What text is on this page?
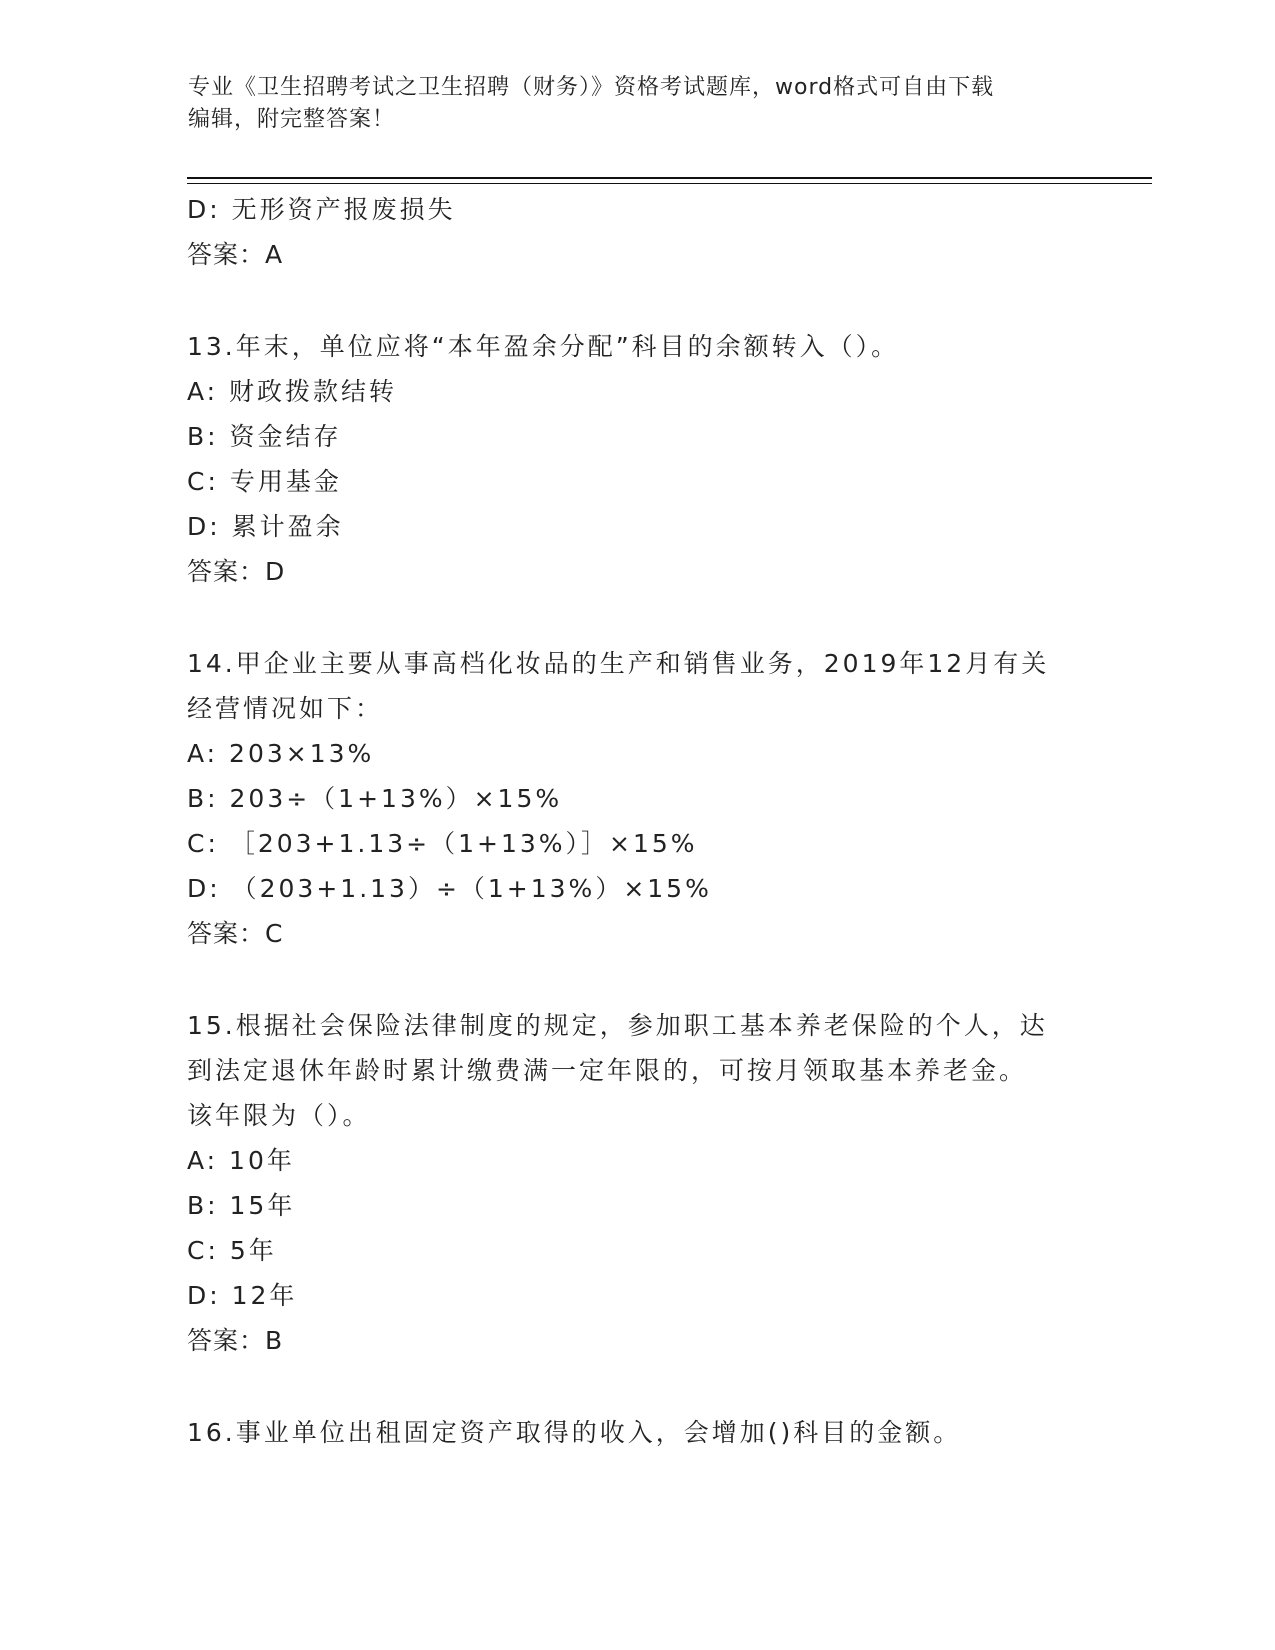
专业《卫生招聘考试之卫生招聘（财务）》资格考试题库，word格式可自由下载
编辑，附完整答案！
D: 无形资产报废损失
答案：A
13.年末，单位应将“本年盈余分配”科目的余额转入（）。
A: 财政拨款结转
B: 资金结存
C: 专用基金
D: 累计盈余
答案：D
14.甲企业主要从事高档化妆品的生产和销售业务，2019年12月有关
经营情况如下：
A: 203×13%
B: 203÷（1+13%）×15%
C: ［203+1.13÷（1+13%）］×15%
D: （203+1.13）÷（1+13%）×15%
答案：C
15.根据社会保险法律制度的规定，参加职工基本养老保险的个人，达
到法定退休年龄时累计缴费满一定年限的，可按月领取基本养老金。
该年限为（）。
A: 10年
B: 15年
C: 5年
D: 12年
答案：B
16.事业单位出租固定资产取得的收入，会增加()科目的金额。
